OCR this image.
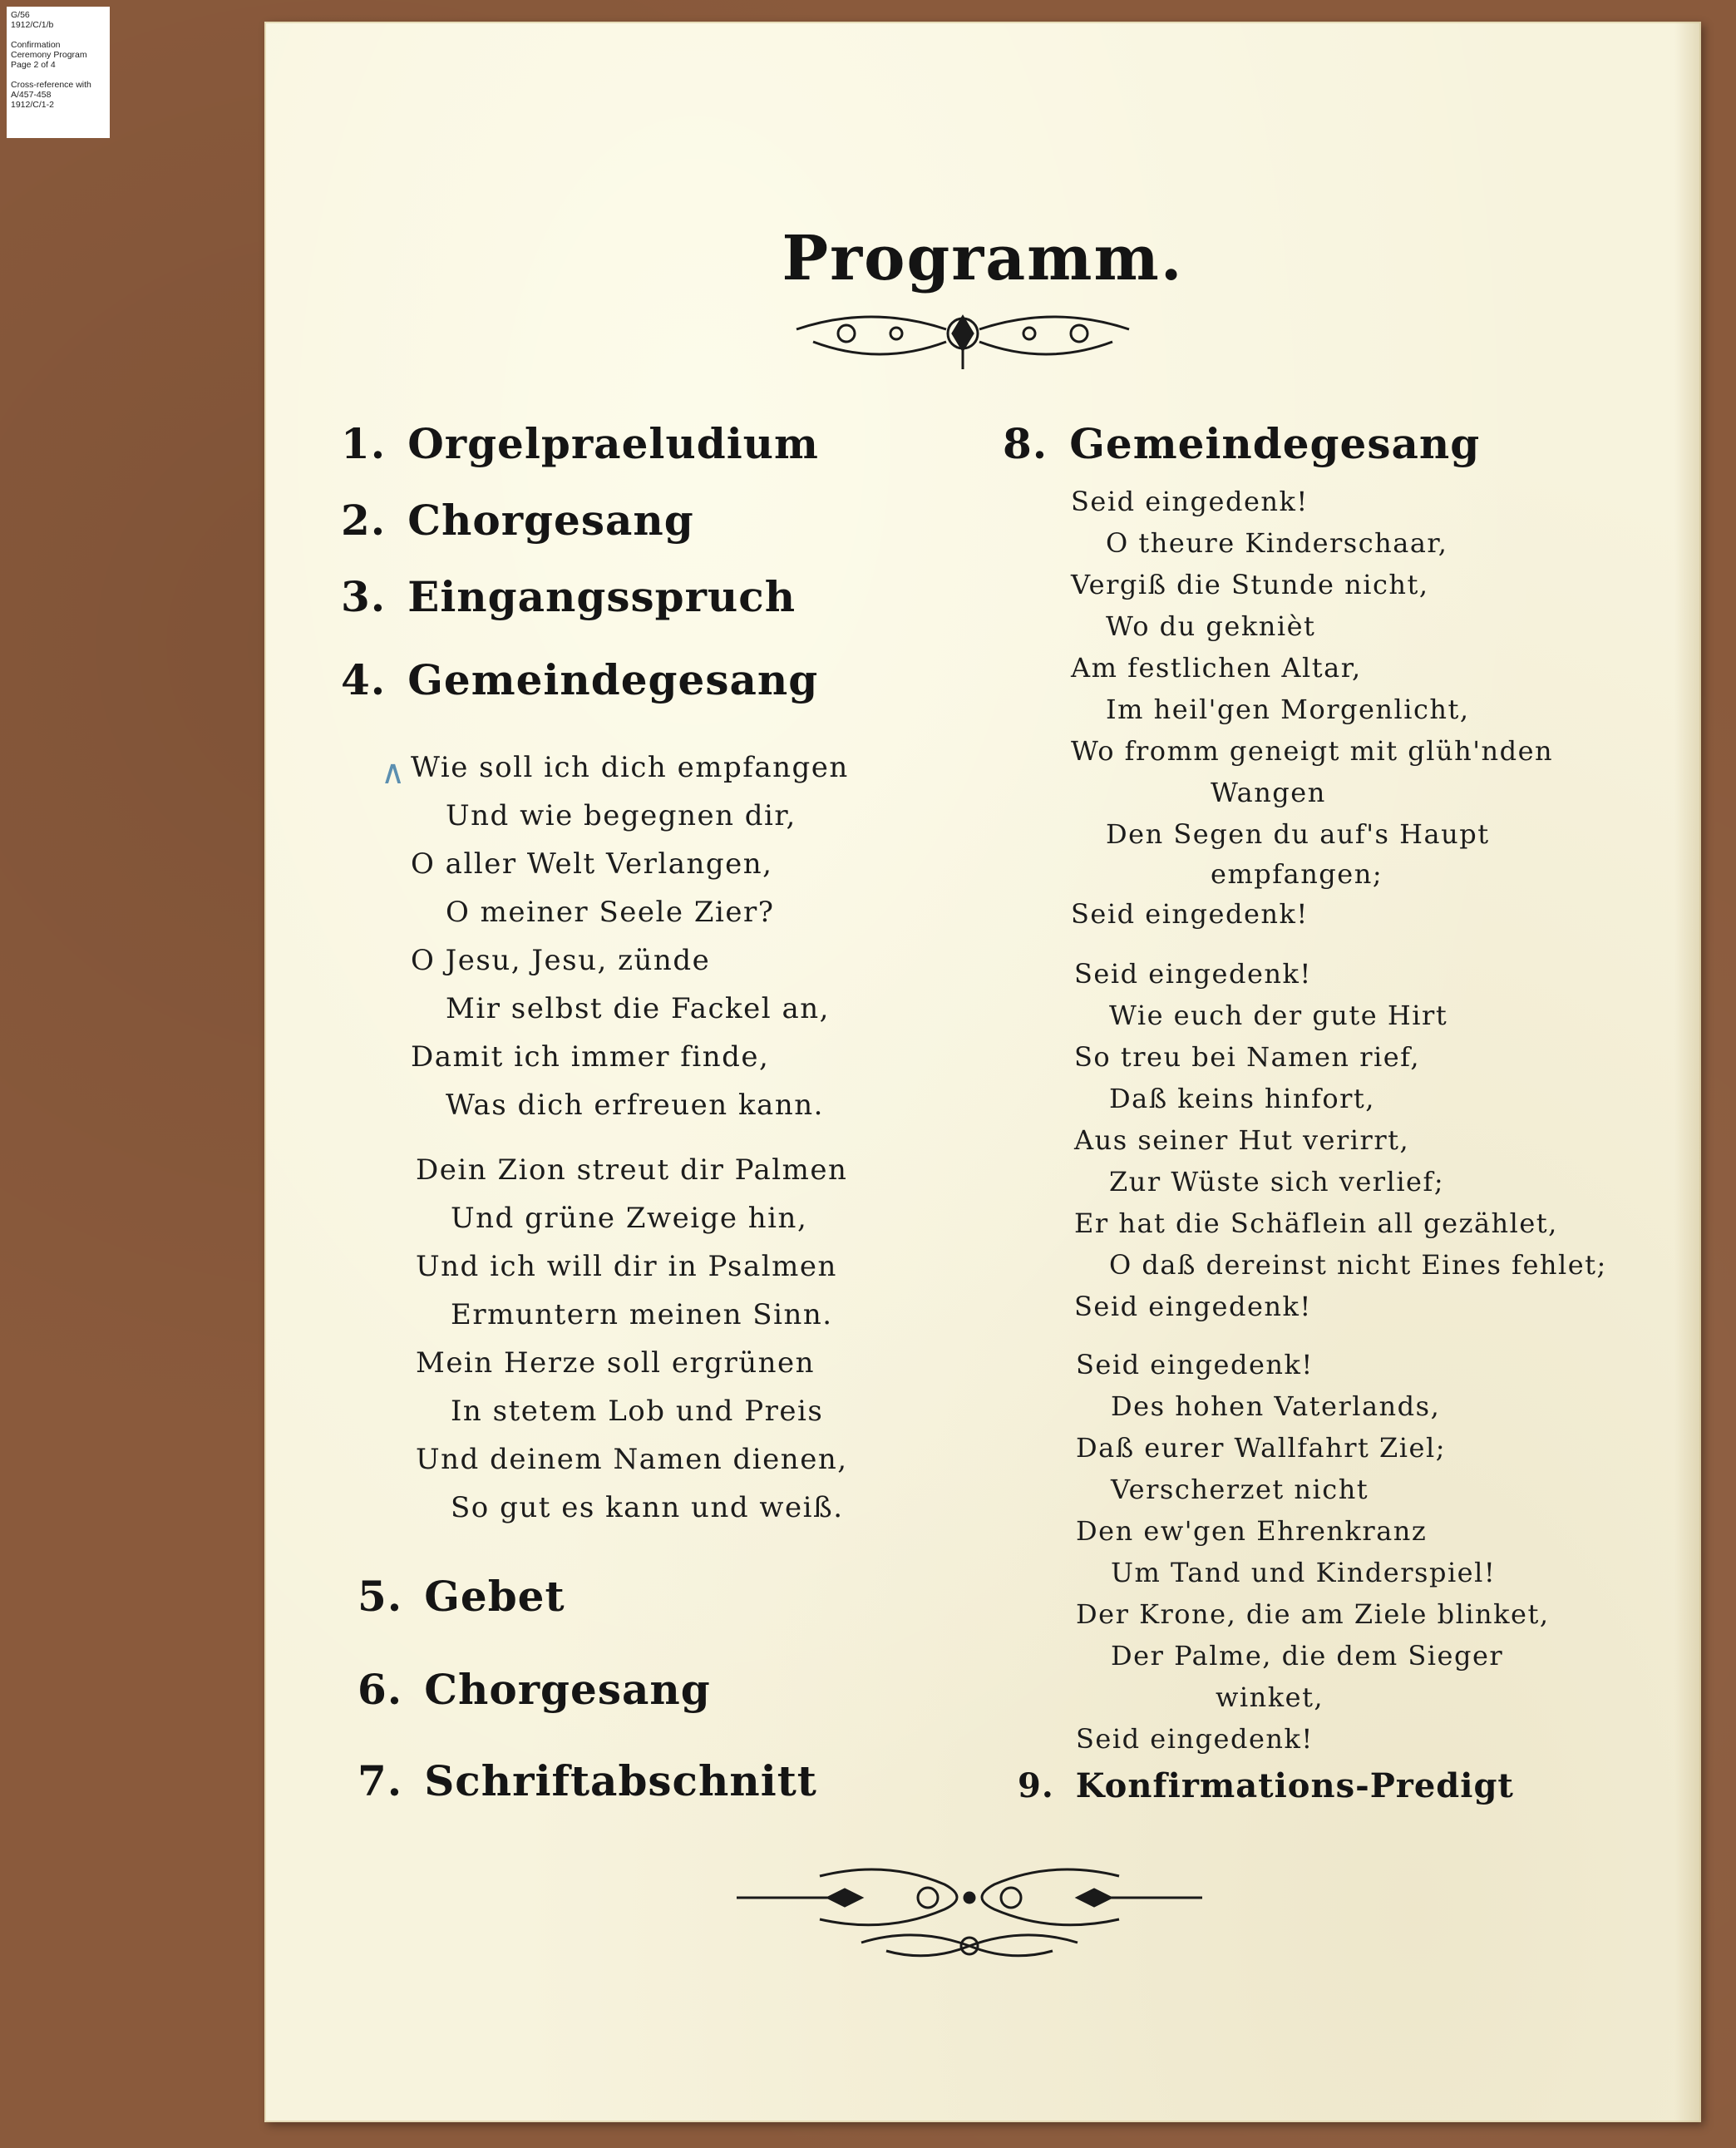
G/56
1912/C/1/b
Confirmation
Ceremony Program
Page 2 of 4
Cross-reference with
A/457-458
1912/C/1-2
Programm.
1. Orgelpraeludium
2. Chorgesang
3. Eingangsspruch
4. Gemeindegesang
∧ Wie soll ich dich empfangen
Und wie begegnen dir,
O aller Welt Verlangen,
O meiner Seele Zier?
O Jesu, Jesu, zünde
Mir selbst die Fackel an,
Damit ich immer finde,
Was dich erfreuen kann.
Dein Zion streut dir Palmen
Und grüne Zweige hin,
Und ich will dir in Psalmen
Ermuntern meinen Sinn.
Mein Herze soll ergrünen
In stetem Lob und Preis
Und deinem Namen dienen,
So gut es kann und weiß.
5. Gebet
6. Chorgesang
7. Schriftabschnitt
8. Gemeindegesang
Seid eingedenk!
O theure Kinderschaar,
Vergiß die Stunde nicht,
Wo du geknièt
Am festlichen Altar,
Im heil'gen Morgenlicht,
Wo fromm geneigt mit glüh'nden
Wangen
Den Segen du auf's Haupt
empfangen;
Seid eingedenk!
Seid eingedenk!
Wie euch der gute Hirt
So treu bei Namen rief,
Daß keins hinfort,
Aus seiner Hut verirrt,
Zur Wüste sich verlief;
Er hat die Schäflein all gezählet,
O daß dereinst nicht Eines fehlet;
Seid eingedenk!
Seid eingedenk!
Des hohen Vaterlands,
Daß eurer Wallfahrt Ziel;
Verscherzet nicht
Den ew'gen Ehrenkranz
Um Tand und Kinderspiel!
Der Krone, die am Ziele blinket,
Der Palme, die dem Sieger
winket,
Seid eingedenk!
9. Konfirmations-Predigt
